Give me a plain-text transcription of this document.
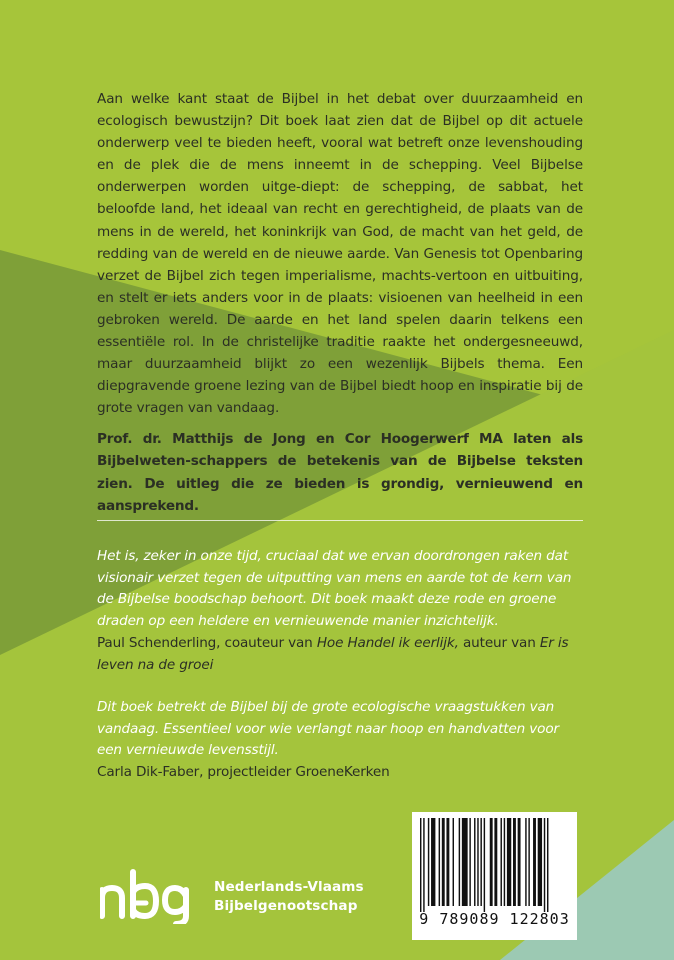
Aan welke kant staat de Bijbel in het debat over duurzaamheid en ecologisch bewustzijn? Dit boek laat zien dat de Bijbel op dit actuele onderwerp veel te bieden heeft, vooral wat betreft onze levenshouding en de plek die de mens inneemt in de schepping. Veel Bijbelse onderwerpen worden uitge-diept: de schepping, de sabbat, het beloofde land, het ideaal van recht en gerechtigheid, de plaats van de mens in de wereld, het koninkrijk van God, de macht van het geld, de redding van de wereld en de nieuwe aarde. Van Genesis tot Openbaring verzet de Bijbel zich tegen imperialisme, machts-vertoon en uitbuiting, en stelt er iets anders voor in de plaats: visioenen van heelheid in een gebroken wereld. De aarde en het land spelen daarin telkens een essentiële rol. In de christelijke traditie raakte het ondergesneeuwd, maar duurzaamheid blijkt zo een wezenlijk Bijbels thema. Een diepgravende groene lezing van de Bijbel biedt hoop en inspiratie bij de grote vragen van vandaag.

Prof. dr. Matthijs de Jong en Cor Hoogerwerf MA laten als Bijbelweten-schappers de betekenis van de Bijbelse teksten zien. De uitleg die ze bieden is grondig, vernieuwend en aansprekend.

Het is, zeker in onze tijd, cruciaal dat we ervan doordrongen raken dat visionair verzet tegen de uitputting van mens en aarde tot de kern van de Bijbelse boodschap behoort. Dit boek maakt deze rode en groene draden op een heldere en vernieuwende manier inzichtelijk.
Paul Schenderling, coauteur van Hoe Handel ik eerlijk, auteur van Er is leven na de groei

Dit boek betrekt de Bijbel bij de grote ecologische vraagstukken van vandaag. Essentieel voor wie verlangt naar hoop en handvatten voor een vernieuwde levensstijl.
Carla Dik-Faber, projectleider GroeneKerken

Nederlands-Vlaams
Bijbelgenootschap
9 789089 122803
